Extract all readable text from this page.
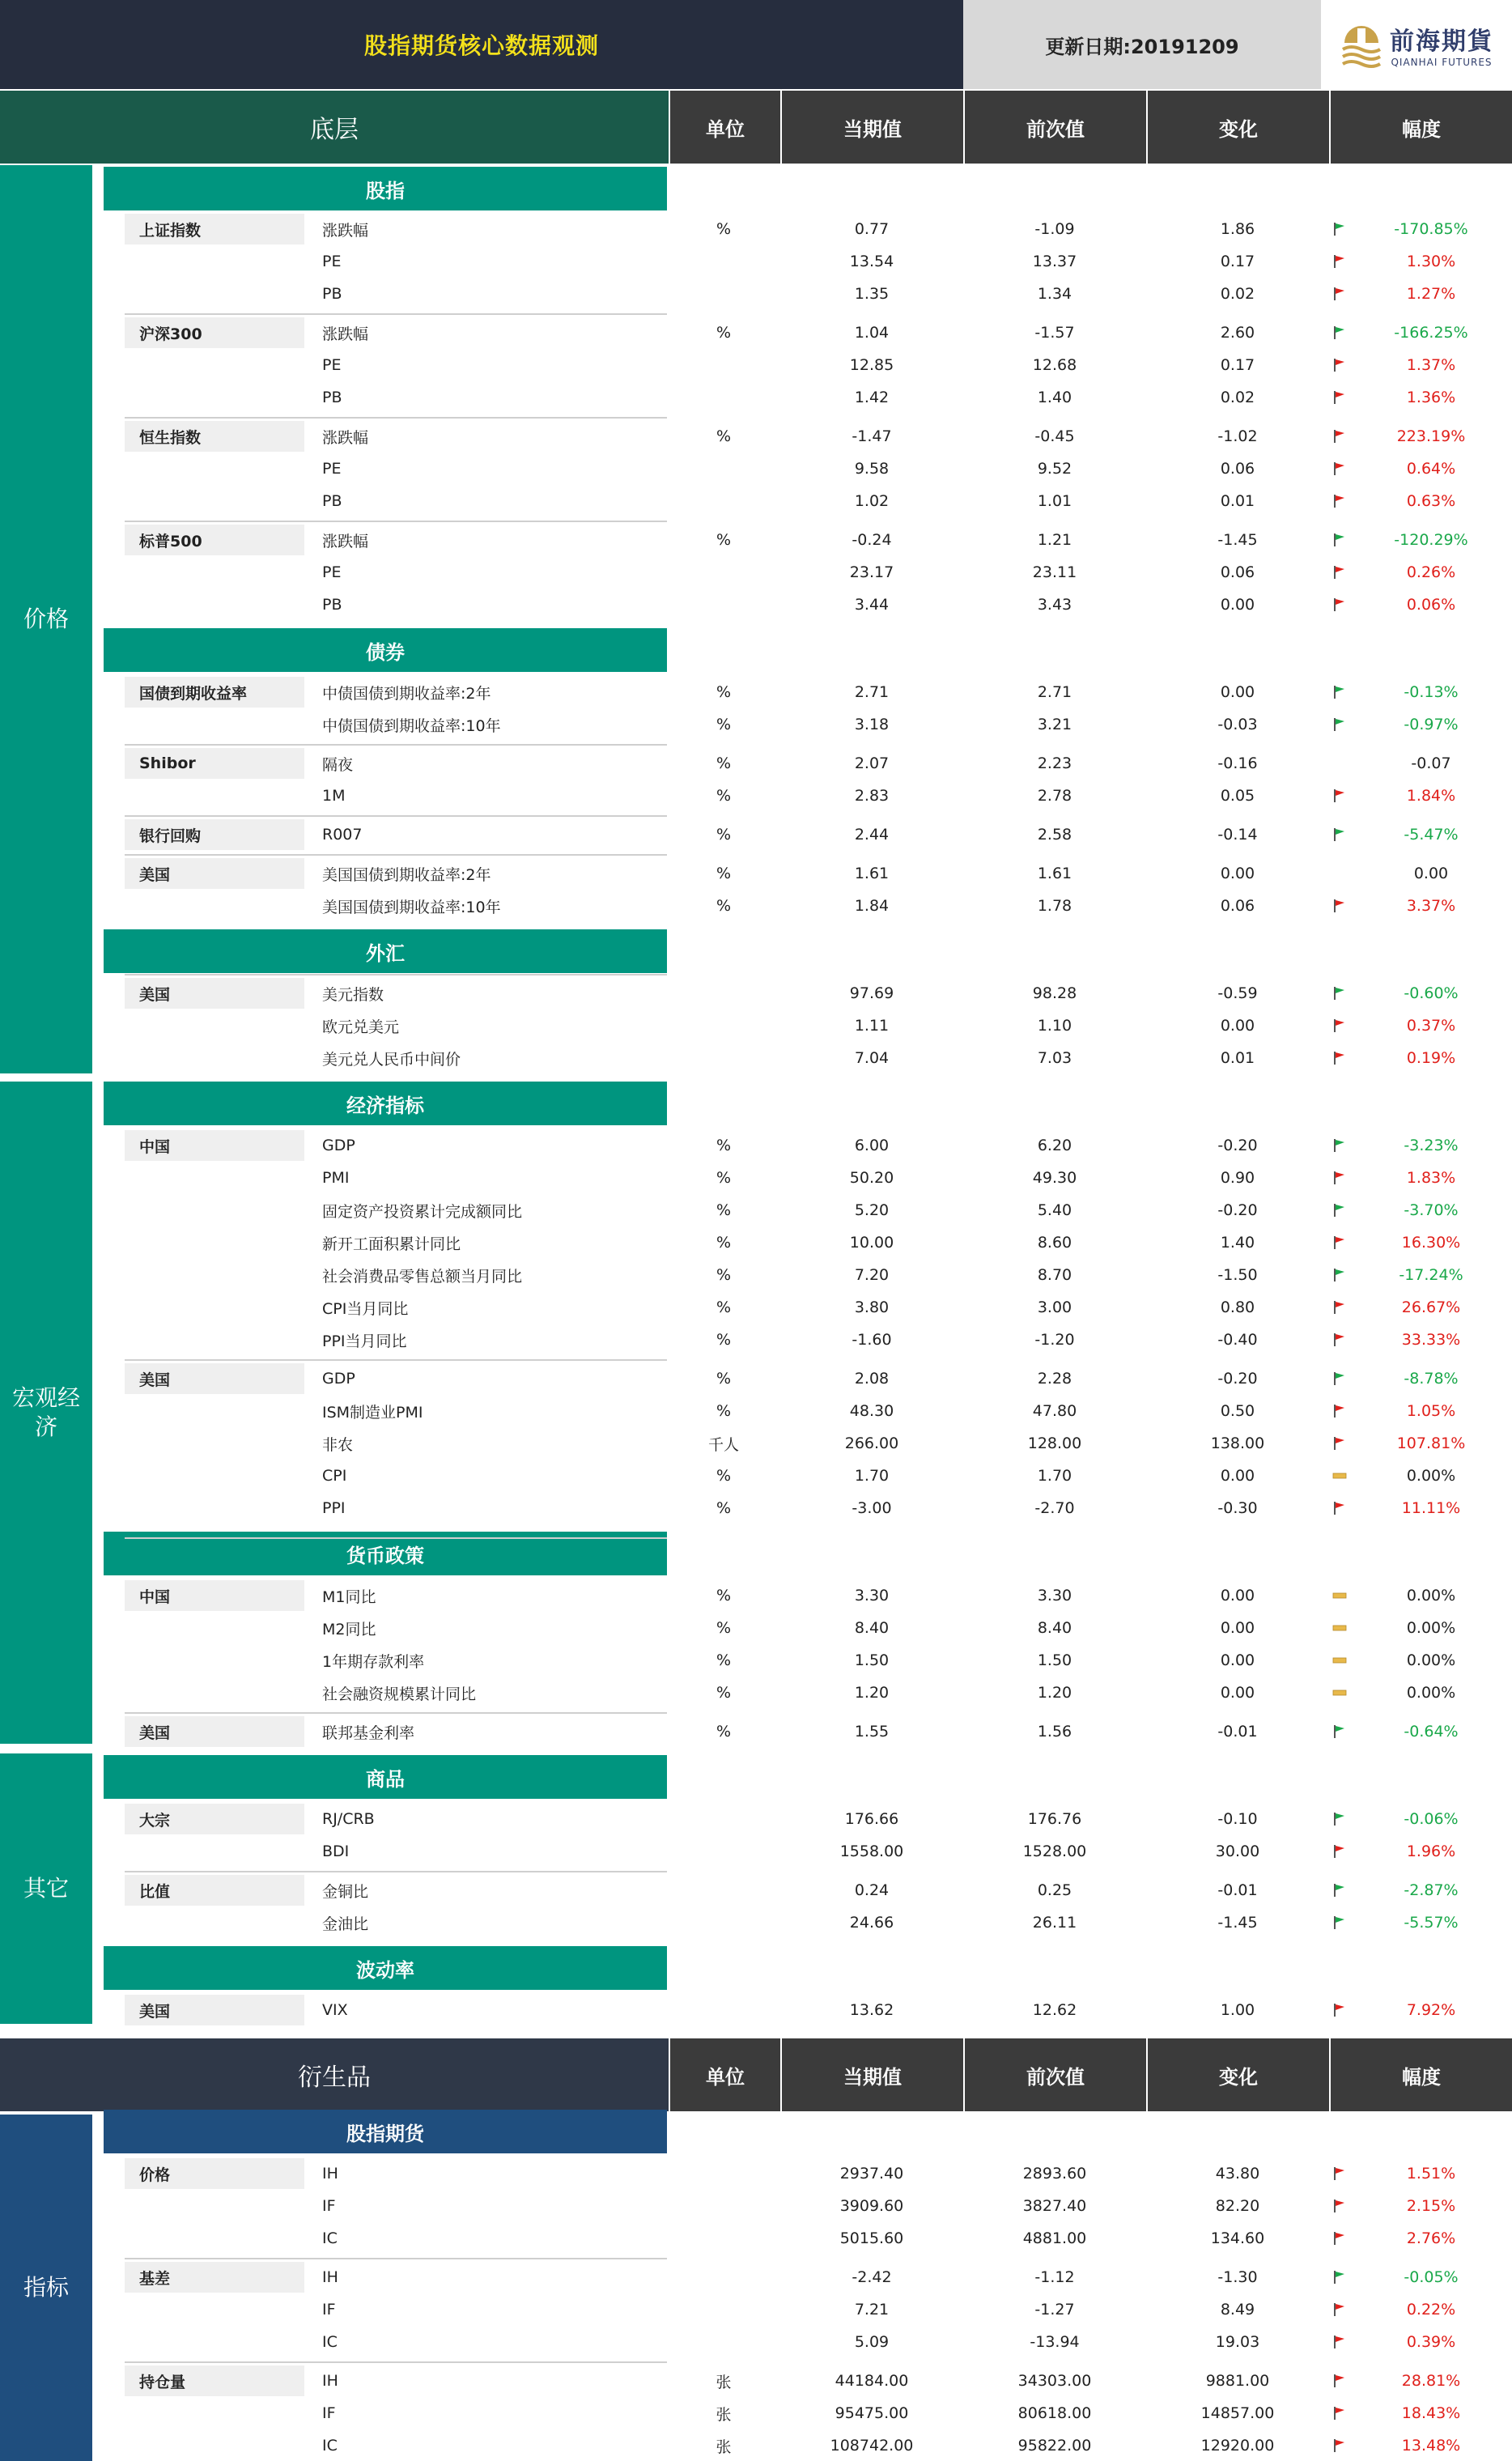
股指期货核心数据观测	更新日期:20191209	前海期貨
QIANHAI FUTURES
底层	单位	当期值	前次值	变化	幅度
衍生品	单位	当期值	前次值	变化	幅度
价格
宏观经济
其它
指标
股指
债券
外汇
经济指标
货币政策
商品
波动率
股指期货
上证指数	涨跌幅	%	0.77	-1.09	1.86	-170.85%
PE	13.54	13.37	0.17	1.30%
PB	1.35	1.34	0.02	1.27%
沪深300	涨跌幅	%	1.04	-1.57	2.60	-166.25%
PE	12.85	12.68	0.17	1.37%
PB	1.42	1.40	0.02	1.36%
恒生指数	涨跌幅	%	-1.47	-0.45	-1.02	223.19%
PE	9.58	9.52	0.06	0.64%
PB	1.02	1.01	0.01	0.63%
标普500	涨跌幅	%	-0.24	1.21	-1.45	-120.29%
PE	23.17	23.11	0.06	0.26%
PB	3.44	3.43	0.00	0.06%
国债到期收益率	中债国债到期收益率:2年	%	2.71	2.71	0.00	-0.13%
中债国债到期收益率:10年	%	3.18	3.21	-0.03	-0.97%
Shibor	隔夜	%	2.07	2.23	-0.16	-0.07
1M	%	2.83	2.78	0.05	1.84%
银行回购	R007	%	2.44	2.58	-0.14	-5.47%
美国	美国国债到期收益率:2年	%	1.61	1.61	0.00	0.00
美国国债到期收益率:10年	%	1.84	1.78	0.06	3.37%
美国	美元指数	97.69	98.28	-0.59	-0.60%
欧元兑美元	1.11	1.10	0.00	0.37%
美元兑人民币中间价	7.04	7.03	0.01	0.19%
中国	GDP	%	6.00	6.20	-0.20	-3.23%
PMI	%	50.20	49.30	0.90	1.83%
固定资产投资累计完成额同比	%	5.20	5.40	-0.20	-3.70%
新开工面积累计同比	%	10.00	8.60	1.40	16.30%
社会消费品零售总额当月同比	%	7.20	8.70	-1.50	-17.24%
CPI当月同比	%	3.80	3.00	0.80	26.67%
PPI当月同比	%	-1.60	-1.20	-0.40	33.33%
美国	GDP	%	2.08	2.28	-0.20	-8.78%
ISM制造业PMI	%	48.30	47.80	0.50	1.05%
非农	千人	266.00	128.00	138.00	107.81%
CPI	%	1.70	1.70	0.00	0.00%
PPI	%	-3.00	-2.70	-0.30	11.11%
中国	M1同比	%	3.30	3.30	0.00	0.00%
M2同比	%	8.40	8.40	0.00	0.00%
1年期存款利率	%	1.50	1.50	0.00	0.00%
社会融资规模累计同比	%	1.20	1.20	0.00	0.00%
美国	联邦基金利率	%	1.55	1.56	-0.01	-0.64%
大宗	RJ/CRB	176.66	176.76	-0.10	-0.06%
BDI	1558.00	1528.00	30.00	1.96%
比值	金铜比	0.24	0.25	-0.01	-2.87%
金油比	24.66	26.11	-1.45	-5.57%
美国	VIX	13.62	12.62	1.00	7.92%
价格	IH	2937.40	2893.60	43.80	1.51%
IF	3909.60	3827.40	82.20	2.15%
IC	5015.60	4881.00	134.60	2.76%
基差	IH	-2.42	-1.12	-1.30	-0.05%
IF	7.21	-1.27	8.49	0.22%
IC	5.09	-13.94	19.03	0.39%
持仓量	IH	张	44184.00	34303.00	9881.00	28.81%
IF	张	95475.00	80618.00	14857.00	18.43%
IC	张	108742.00	95822.00	12920.00	13.48%
